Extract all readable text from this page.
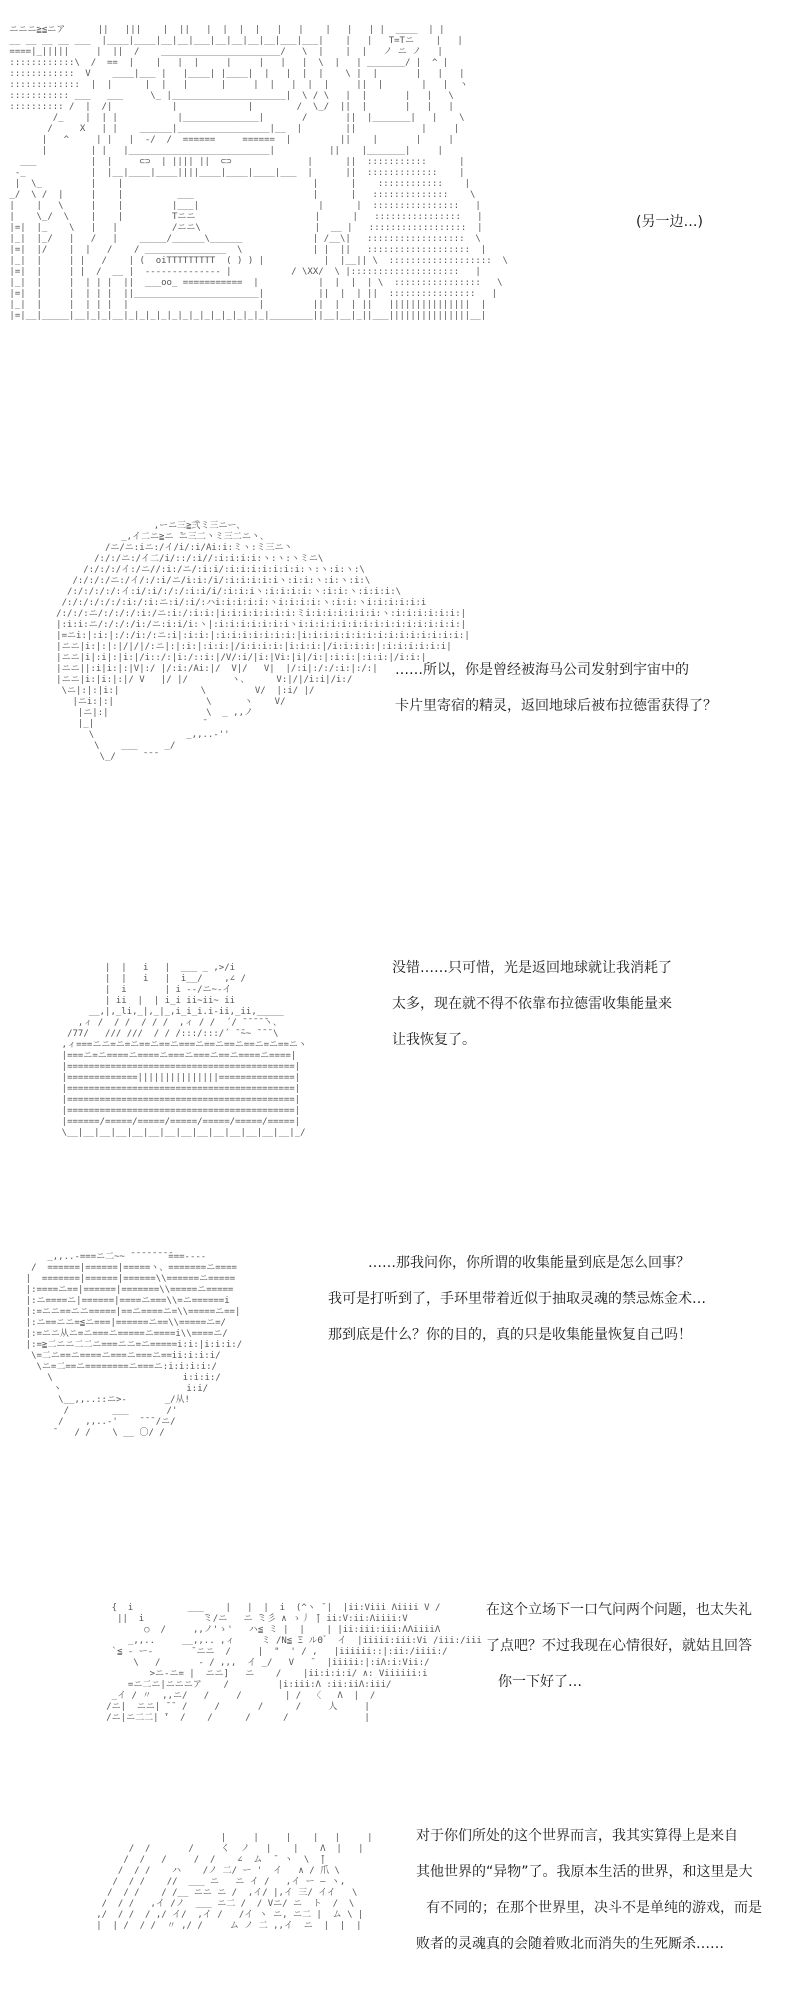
ニニニ≧≦ニア      ||   |||    |  ||   |  |  |  |   |   |    |   |   | |  ____  | |
__ __ __ __ ___  |____|____|__|__|___|__|__|__|__|___|___|    |   |   T=Tニ    |   |
====|_|||||     |  ||  /    ______________________/   \  |    |  |   ノ ニ ノ   |
::::::::::::\  /  ==  |    |   |  |     |     |   |   |  \  |   | _______/ |  ^ |
::::::::::::  V    ____|___ |   |____| |____|  |   |  |  |    \ |  |       |   |   |
:::::::::::::  |  |      |  |   |      |     |  |   |  |  |     ||  |       |   |  ヽ
::::::::::: ___   ___     \_ |_____________________|  \ / \   |  |       |   |   \
:::::::::: /  |  /|           |             |        /  \_/  ||  |       |   |   |
/_    |  | |           |______________|       /       ||  |_______|   |    \
/     X   | |    ______|_________________|__  |        ||            |     |
|   ^     | |   |  -/  /  ======     ======  |         ||    |       |     |
|        | |   |__________________________|          ||    |_______|     |
___          |  |     ⊂⊃  | |||| ||  ⊂⊃              |      ||  :::::::::::      |
-_            |  |__|____|____||||____|____|____|___  |      ||  :::::::::::::    |
|  \_         |    |                                   |      |    ::::::::::::    |
_/  \ /  |     |    |          ___                      |      |   ::::::::::::::    \
|    |   \     |    |         |___|                      |      |  ::::::::::::::::   |
|    \_/  \    |    |         Tニニ                      |      |   ::::::::::::::::   |
|=|  |_    \   |   |          /ニニ\                     |  __ |   ::::::::::::::::::  |
|_|  |_/   |   /   |    _____/______\______             | /__\|   ::::::::::::::::::  \
|=|  |/    |  |   /    / _______________  \             | |  ||   :::::::::::::::::::  |
|_|  |     | |   /    | (  oiTTTTTTTTT  ( ) ) |           |  |__|| \  :::::::::::::::::::  \
|=|  |     | |  /  __ |  -------------- |           / \XX/  \ |::::::::::::::::::::   |
|_|  |     |  | | |  ||  ___oo_ ===========  |           |  |  |  | \  ::::::::::::::::   \
|=|  |     |  | | |  ||_______________________|          ||  |  | ||  ::::::::::::::::   |
|_|  |     |  | | |  |                        |         ||  |  | ||   |||||||||||||||  |
|=|__|_____|__|_|_|__|_|_|_|_|_|_|_|_|_|_|_|_|_|________||__|__|_||___|||||||||||||||__|

(另一边…)

,ーニ三≧弐ミ三ニー、
_,イ二ニ≧ニ ̄ニ三二丶ミ三二ニ丶、
/ニ/ニ:iニ:/イ/i/:i/Ai:i:ミヽ:ミ三ニ丶
/:/:/ニ:/イ二/i/::/:i//:i:i:i:i:ヽ:ヽ:ヽミニ\
/:/:/:/イ:/ニ//:i:/ニ/:i:i/:i:i:i:i:i:i:i:ヽ:ヽ:i:ヽ:\
/:/:/:/ニ:/イ/:/:i/ニ/i:i:/i/:i:i:i:i:iヽ:i:i:ヽ:i:ヽ:i:\
/:/:/:/:/:イ:i/:i/:/:/:i:i/i/:i:i:iヽ:i:i:i:i:ヽ:i:i:ヽ:i:i:i:\
/:/:/:/:/:/:i:/:i:ニ:i/:i/:ハi:i:i:i:i:ヽi:i:i:i:ヽ:i:i:ヽi:i:i:i:i:i
/:/:/:ニ/:/:/:/:i:/ニ:i:/:i:i:|i:i:i:i:i:i:i:ミi:i:i:i:i:i:i:ヽ:i:i:i:i:i:i:|
|:i:i:ニ/:/:/:/i:/ニ:i:i/i:ヽ|:i:i:i:i:i:i:iヽi:i:i:i:i:i:i:i:i:i:i:i:i:i:i:|
|=ニi:|:i:|:/:/i:/:ニ:i|:i:i:|:i:i:i:i:i:i:i:|i:i:i:i:i:i:i:i:i:i:i:i:i:i:i:|
|ニニ|i:|:|:|/|/|/:ニ|:|:i:|:i:i:|/i:i:i:i:|i:i:i:|/i:i:i:i:|:i:i:i:i:i:i|
|ニニ|i|:i|:|i:|/i::/:|i:/::i:|/V/:i/|i:|Vi:|i|/i:|:i:i:|:i:i:|/i:i:|
|ニニ||:i|i:|:|V|:/ |/:i:/Ai:|/  V|/   V|  |/:i|:/:/:i:|:/:|
|ニニ|i:|i:|:|/ V   |/ |/        ヽ、     V:|/|/i:i|/i:/
\ニ|:|:|i:|               \         V/  |:i/ |/
|ニi:|:|                 \      ヽ    V/
|ニ|:|                  \  _ ,,ノ
|_|                    ̄
\                 _,,..-''
\    ___     _/
\_/     ̄ ̄ ̄

……所以，你是曾经被海马公司发射到宇宙中的
卡片里寄宿的精灵，返回地球后被布拉德雷获得了？

|  |   i   |  ___ _ ,>/i
|  |   i   |  i__/    ,∠ /
|  i       | i --/ニ~-イ
| ii  |  | i_i ii~ii~ ii
__,|,_li,_|,_|_,i_i_i.i-ii,_ii,_____
,ィ /  / /  / / /  ,ィ / /  ´/ ̄ ̄ ̄ ̄ ̄ヽ、
/77/   /// ///  / / /:::/:::/´ ̄ ̄~~ ̄ ̄ ̄ \
,ィ===ニニ=ニ=ニ==ニ==ニ===ニ==ニ==ニ==ニ=ニ==ニヽ
|===ニ=ニ====ニ====ニ===ニ===ニ==ニ====ニ====|
|==========================================|
|=============|||||||||||||||==============|
|==========================================|
|==========================================|
|==========================================|
|======/=====/=====/=====/=====/=====/=====|
\__|__|__|__|__|__|__|__|__|__|__|__|__|__|_/

没错……只可惜，光是返回地球就让我消耗了
太多，现在就不得不依靠布拉德雷收集能量来
让我恢复了。

_,,..-===ニ二~~ ̄ ̄ ̄ ̄ ̄ ̄ ̄ ̄===----
/  ======|======|=====ヽ、=======ニ====
|  =======|======|======\\======ニ=====
|:====ニ==|======|=======\\=====ニ=====
|:ニ====ニ|======|====ニ===\\=ニ======i
|:=ニニ==ニニ=====|==ニ====ニ=\\=====ニ==|
|:ニ==ニニ=≦ニ===|======ニ==\\=====ニ=/
|:=ニニ从ニ=ニ===ニ=====ニ====i\\====ニ/
|:=≧二ニニ二二ニ===ニニ=ニ=====i:i:|i:i:i:/
\=二ニ==ニ====ニ===ニ===ニ==ii:i:i:i/
\ニ=二==ニ========ニ===ニ:i:i:i:i:/
\                        i:i:i:/
ヽ                       i:i/
\__,,..::ニ>-       _/从!
/        ___       /'
/    ,,..-'    ̄ ̄ ̄ /ニ/
̄    / /    \ __ 〇/ /

……那我问你，你所谓的收集能量到底是怎么回事？
我可是打听到了，手环里带着近似于抽取灵魂的禁忌炼金术…
那到底是什么？你的目的，真的只是收集能量恢复自己吗！

{  i          ___    |   |  |  i  (^ヽ ̄ |  |ii:Viii Λiiii V /
||  i           ̄ミ/ニ   ニ ̄ミ彡 ∧ ゝ丿 ̄| ii:V:ii:Λiiii:V
○  /     ,,ノ'ゝ'   ハ≦ ミ |  |    | |ii:iii:iii:ΛΛiiiiΛ
_,,..     __,,.. ,ィ     ミ /Ν≦ Ξ ルΘ゛ イ  |iiiii:iii:Vi /iii:/iii
`≦ ‐ ー-       ̄ ニニ  /     |  "  ' / ,   |iiiiii::|:ii:/iiii:/
\   /       ‐ / ,,,  イ _/   V   ̄   |iiiii:|:iΛ:i:Vii:/
>ニ-ニ= |  ニニ]   ニ    /    |ii:i:i:i/ ∧: Viiiiii:i
=ニ二ニ|ニニニア    /         |i:iii:Λ :ii:iiΛ:iii/
_イ / 〃  ,,ニ/   /     /        | /  〈   Λ  |  /
/ニ|  ニニ| ̄ ̄  /     /       /      /     人     |
/ニ|ニ二二| ̄'  /    /      /      /              |

在这个立场下一口气问两个问题，也太失礼
了点吧？不过我现在心情很好，就姑且回答
你一下好了…

|     |     |    |   |     |
/  /       /     く  ノ   |    |    Λ  |   |
/  /   /     /  /    ∠  ム  ̄  ヽ  \  ̄|
/  / /    ハ    /ノ 二/ ー '  イ   ∧ / 爪 \
/  / /    //  ___ ニ   ニ イ /   ,イ ー ― ヽ,
/  / /    / /__ ニニ ニ /  ,イ/ |,イ 三/ イイ   \
/  / /   ,イ /ノ  ___ ニ二 /  / Vニ/ ニ  ト  /  \
,/  / /  / ,/ イ/  ,イ /   /イ ヽ ニ, ニ二 |  ム \ |
|  | /  / /  〃 ,/ /     ム ノ 二 ,,イ  ニ  |  |  |

对于你们所处的这个世界而言，我其实算得上是来自
其他世界的“异物”了。我原本生活的世界，和这里是大
有不同的；在那个世界里，决斗不是单纯的游戏，而是
败者的灵魂真的会随着败北而消失的生死厮杀……
